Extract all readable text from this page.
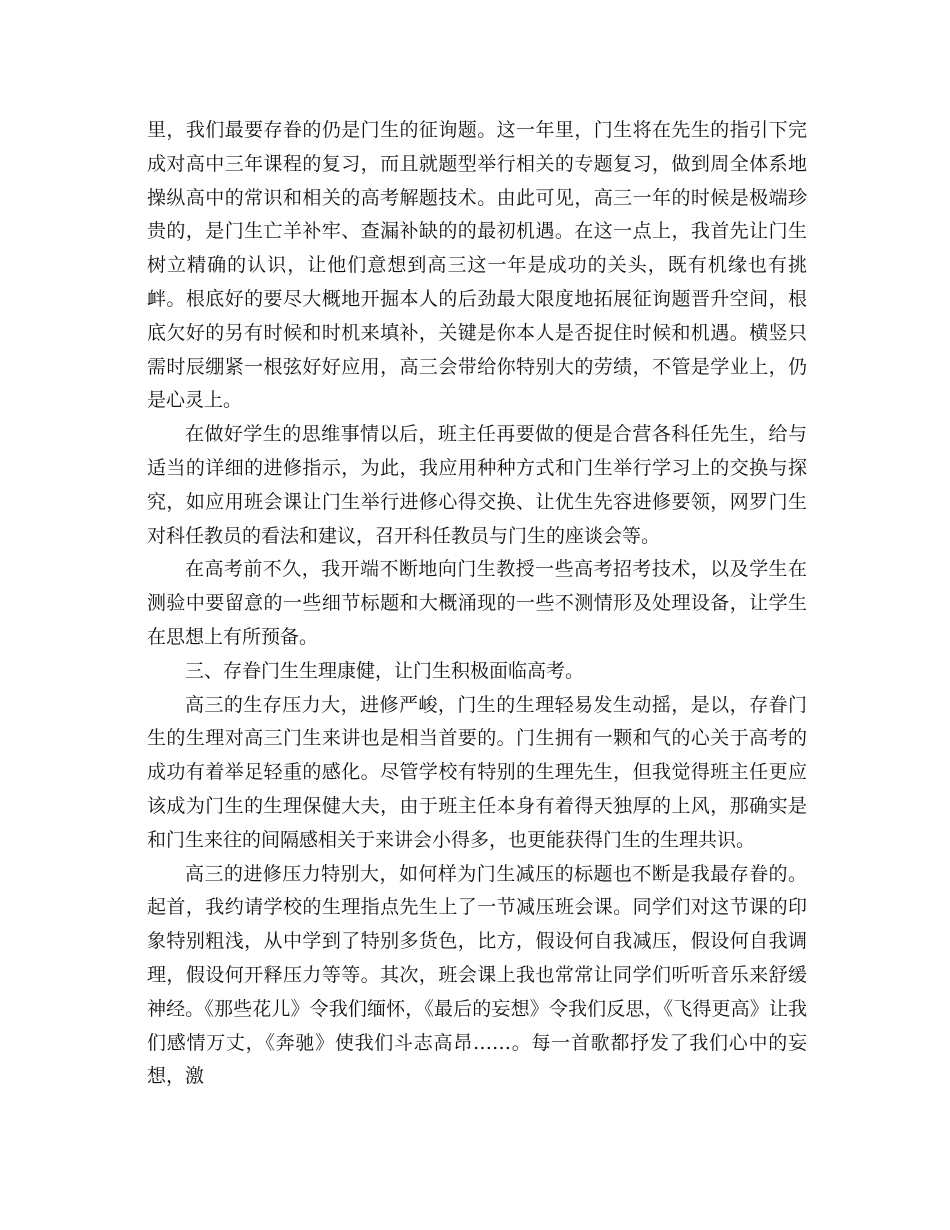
里，我们最要存眷的仍是门生的征询题。这一年里，门生将在先生的指引下完成对高中三年课程的复习，而且就题型举行相关的专题复习，做到周全体系地操纵高中的常识和相关的高考解题技术。由此可见，高三一年的时候是极端珍贵的，是门生亡羊补牢、查漏补缺的的最初机遇。在这一点上，我首先让门生树立精确的认识，让他们意想到高三这一年是成功的关头，既有机缘也有挑衅。根底好的要尽大概地开掘本人的后劲最大限度地拓展征询题晋升空间，根底欠好的另有时候和时机来填补，关键是你本人是否捉住时候和机遇。横竖只需时辰绷紧一根弦好好应用，高三会带给你特别大的劳绩，不管是学业上，仍是心灵上。

在做好学生的思维事情以后，班主任再要做的便是合营各科任先生，给与适当的详细的进修指示，为此，我应用种种方式和门生举行学习上的交换与探究，如应用班会课让门生举行进修心得交换、让优生先容进修要领，网罗门生对科任教员的看法和建议，召开科任教员与门生的座谈会等。

在高考前不久，我开端不断地向门生教授一些高考招考技术，以及学生在测验中要留意的一些细节标题和大概涌现的一些不测情形及处理设备，让学生在思想上有所预备。

三、存眷门生生理康健，让门生积极面临高考。

高三的生存压力大，进修严峻，门生的生理轻易发生动摇，是以，存眷门生的生理对高三门生来讲也是相当首要的。门生拥有一颗和气的心关于高考的成功有着举足轻重的感化。尽管学校有特别的生理先生，但我觉得班主任更应该成为门生的生理保健大夫，由于班主任本身有着得天独厚的上风，那确实是和门生来往的间隔感相关于来讲会小得多，也更能获得门生的生理共识。

高三的进修压力特别大，如何样为门生减压的标题也不断是我最存眷的。起首，我约请学校的生理指点先生上了一节减压班会课。同学们对这节课的印象特别粗浅，从中学到了特别多货色，比方，假设何自我减压，假设何自我调理，假设何开释压力等等。其次，班会课上我也常常让同学们听听音乐来舒缓神经。《那些花儿》令我们缅怀，《最后的妄想》令我们反思，《飞得更高》让我们感情万丈，《奔驰》使我们斗志高昂……。每一首歌都抒发了我们心中的妄想，激
